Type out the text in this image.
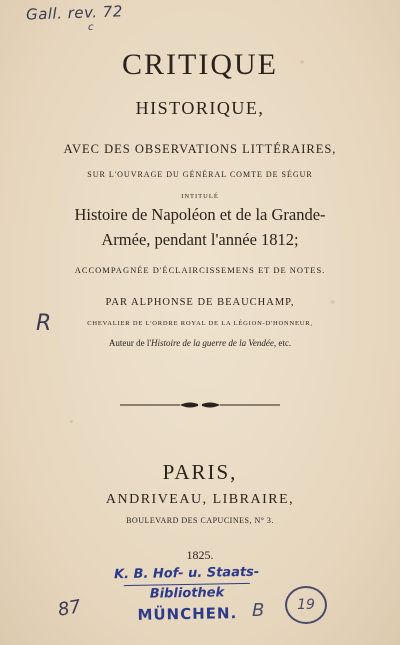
Gall. rev. 72
c
CRITIQUE
HISTORIQUE,
AVEC DES OBSERVATIONS LITTÉRAIRES,
SUR L'OUVRAGE DU GÉNÉRAL COMTE DE SÉGUR
INTITULÉ
Histoire de Napoléon et de la Grande-
Armée, pendant l'année 1812;
ACCOMPAGNÉE D'ÉCLAIRCISSEMENS ET DE NOTES.
R
PAR ALPHONSE DE BEAUCHAMP,
CHEVALIER DE L'ORDRE ROYAL DE LA LÉGION-D'HONNEUR,
Auteur de l'Histoire de la guerre de la Vendée, etc.
PARIS,
ANDRIVEAU, LIBRAIRE,
BOULEVARD DES CAPUCINES, N° 3.
1825.
K. B. Hof- u. Staats-
Bibliothek
MÜNCHEN.
87	B	19
